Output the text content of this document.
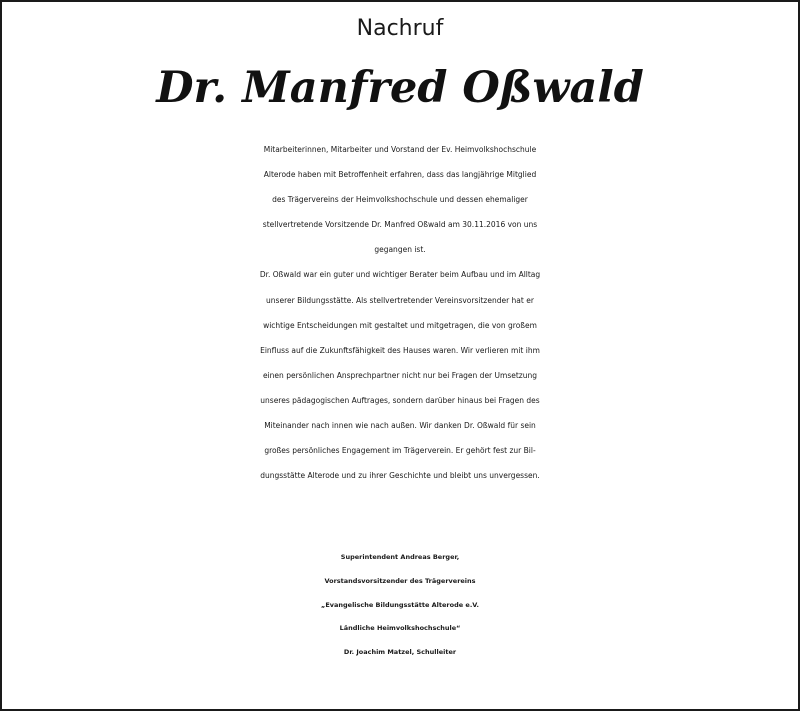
Nachruf
Dr. Manfred Oßwald
Mitarbeiterinnen, Mitarbeiter und Vorstand der Ev. Heimvolkshochschule
Alterode haben mit Betroffenheit erfahren, dass das langjährige Mitglied
des Trägervereins der Heimvolkshochschule und dessen ehemaliger
stellvertretende Vorsitzende Dr. Manfred Oßwald am 30.11.2016 von uns
gegangen ist.
Dr. Oßwald war ein guter und wichtiger Berater beim Aufbau und im Alltag
unserer Bildungsstätte. Als stellvertretender Vereinsvorsitzender hat er
wichtige Entscheidungen mit gestaltet und mitgetragen, die von großem
Einfluss auf die Zukunftsfähigkeit des Hauses waren. Wir verlieren mit ihm
einen persönlichen Ansprechpartner nicht nur bei Fragen der Umsetzung
unseres pädagogischen Auftrages, sondern darüber hinaus bei Fragen des
Miteinander nach innen wie nach außen. Wir danken Dr. Oßwald für sein
großes persönliches Engagement im Trägerverein. Er gehört fest zur Bil-
dungsstätte Alterode und zu ihrer Geschichte und bleibt uns unvergessen.
Superintendent Andreas Berger,
Vorstandsvorsitzender des Trägervereins
„Evangelische Bildungsstätte Alterode e.V.
Ländliche Heimvolkshochschule“
Dr. Joachim Matzel, Schulleiter
